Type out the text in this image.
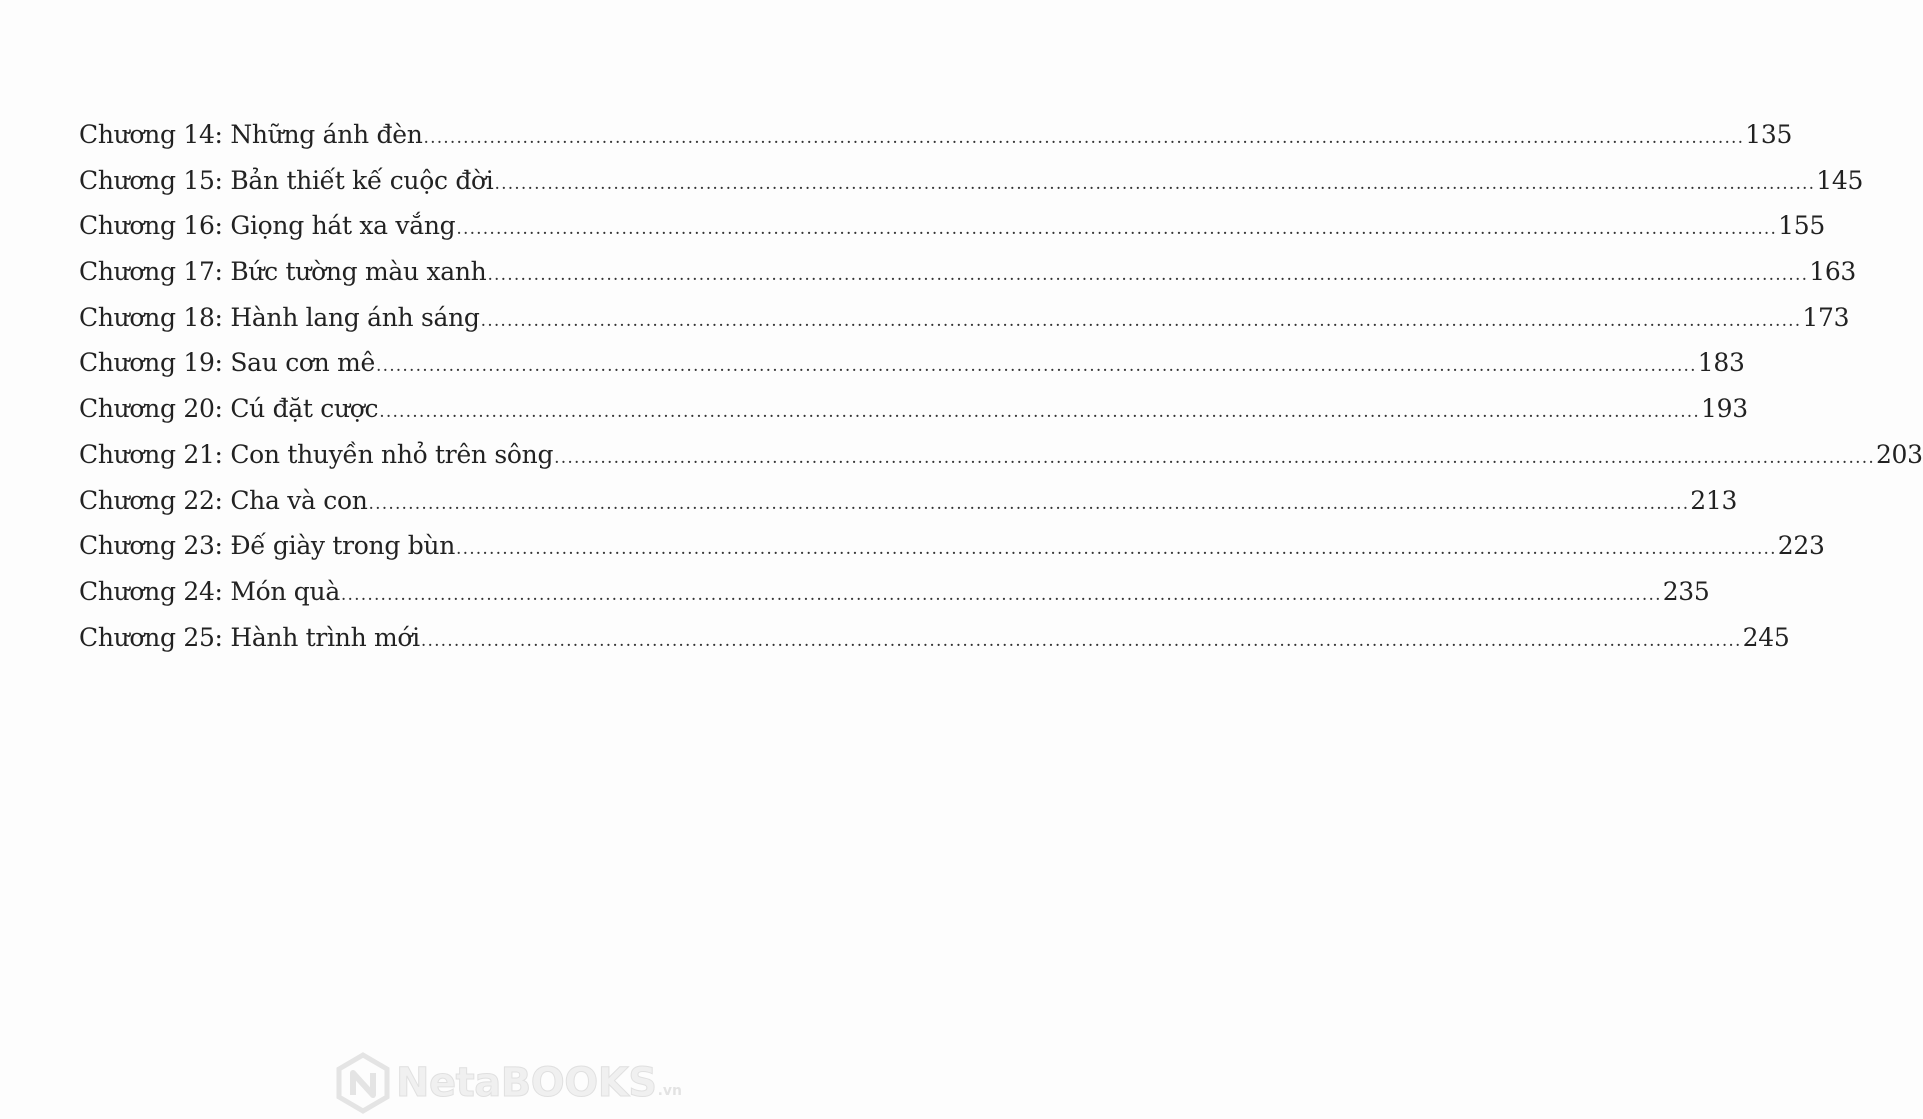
Chương 14: Những ánh đèn ........................................................................................................................................................................................................ 135
Chương 15: Bản thiết kế cuộc đời ........................................................................................................................................................................................................ 145
Chương 16: Giọng hát xa vắng ........................................................................................................................................................................................................ 155
Chương 17: Bức tường màu xanh ........................................................................................................................................................................................................ 163
Chương 18: Hành lang ánh sáng ........................................................................................................................................................................................................ 173
Chương 19: Sau cơn mê ........................................................................................................................................................................................................ 183
Chương 20: Cú đặt cược ........................................................................................................................................................................................................ 193
Chương 21: Con thuyền nhỏ trên sông ........................................................................................................................................................................................................ 203
Chương 22: Cha và con ........................................................................................................................................................................................................ 213
Chương 23: Đế giày trong bùn ........................................................................................................................................................................................................ 223
Chương 24: Món quà ........................................................................................................................................................................................................ 235
Chương 25: Hành trình mới ........................................................................................................................................................................................................ 245
NetaBOOKS .vn
